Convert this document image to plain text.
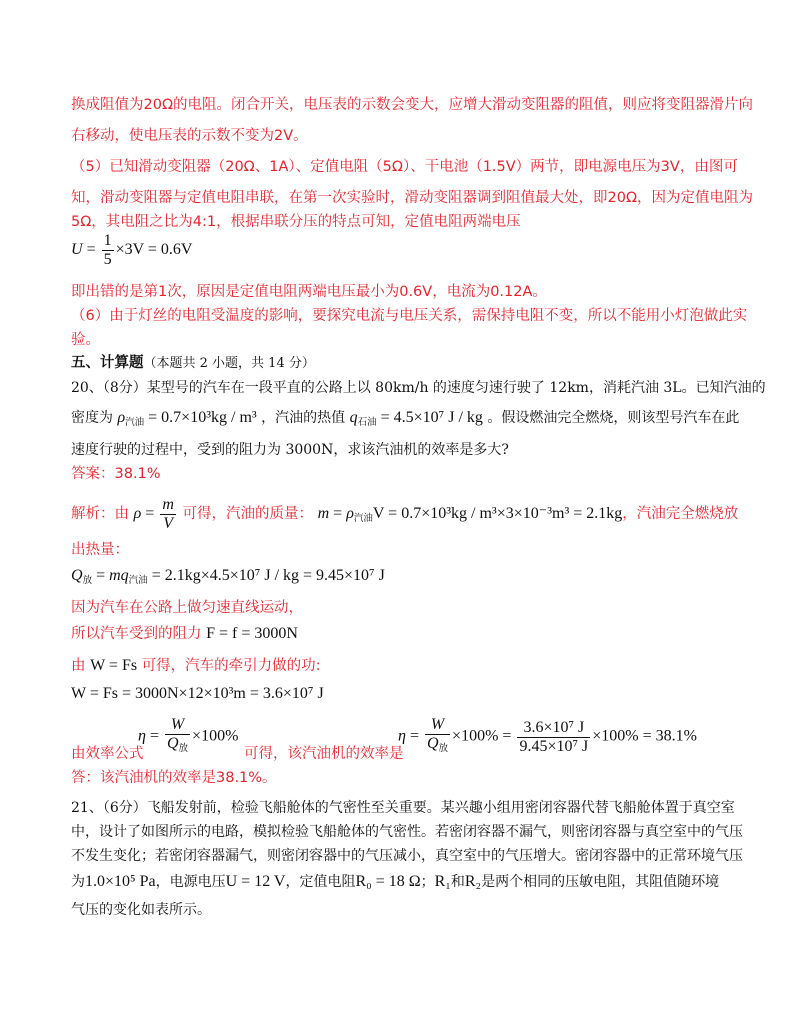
换成阻值为20Ω的电阻。闭合开关，电压表的示数会变大，应增大滑动变阻器的阻值，则应将变阻器滑片向
右移动，使电压表的示数不变为2V。
（5）已知滑动变阻器（20Ω、1A）、定值电阻（5Ω）、干电池（1.5V）两节，即电源电压为3V，由图可
知，滑动变阻器与定值电阻串联，在第一次实验时，滑动变阻器调到阻值最大处，即20Ω，因为定值电阻为
5Ω，其电阻之比为4:1，根据串联分压的特点可知，定值电阻两端电压
$U = \frac{1}{5} \times 3V = 0.6V$
即出错的是第1次，原因是定值电阻两端电压最小为0.6V，电流为0.12A。
（6）由于灯丝的电阻受温度的影响，要探究电流与电压关系，需保持电阻不变，所以不能用小灯泡做此实
验。
五、计算题（本题共 2 小题，共 14 分）
20、（8分）某型号的汽车在一段平直的公路上以 80km/h 的速度匀速行驶了 12km，消耗汽油 3L。已知汽油的
密度为 ρ汽油 = 0.7×10³kg / m³ ，汽油的热值 q石油 = 4.5×10⁷ J / kg 。假设燃油完全燃烧，则该型号汽车在此
速度行驶的过程中，受到的阻力为 3000N，求该汽油机的效率是多大?
答案：38.1%
解析：由 $\rho = \frac{m}{V}$ 可得，汽油的质量： m = ρ汽油V = 0.7×10³kg / m³×3×10⁻³m³ = 2.1kg，汽油完全燃烧放
出热量：
Q放 = mq汽油 = 2.1kg×4.5×10⁷ J / kg = 9.45×10⁷ J
因为汽车在公路上做匀速直线运动，
所以汽车受到的阻力 F = f = 3000N
由 W = Fs 可得，汽车的牵引力做的功:
W = Fs = 3000N×12×10³m = 3.6×10⁷ J
$\eta = \frac{W}{\text{Q放}} \times 100\%$	$\eta = \frac{W}{\text{Q放}} \times 100\% = \frac{\text{3.6×10⁷ J}}{\text{9.45×10⁷ J}} \times 100\% = 38.1\%$
由效率公式	可得，该汽油机的效率是
答：该汽油机的效率是38.1%。
21、（6分）飞船发射前，检验飞船舱体的气密性至关重要。某兴趣小组用密闭容器代替飞船舱体置于真空室
中，设计了如图所示的电路，模拟检验飞船舱体的气密性。若密闭容器不漏气，则密闭容器与真空室中的气压
不发生变化；若密闭容器漏气，则密闭容器中的气压减小，真空室中的气压增大。密闭容器中的正常环境气压
为1.0×10⁵ Pa，电源电压U = 12 V，定值电阻R₀ = 18 Ω；R₁和R₂是两个相同的压敏电阻，其阻值随环境
气压的变化如表所示。
